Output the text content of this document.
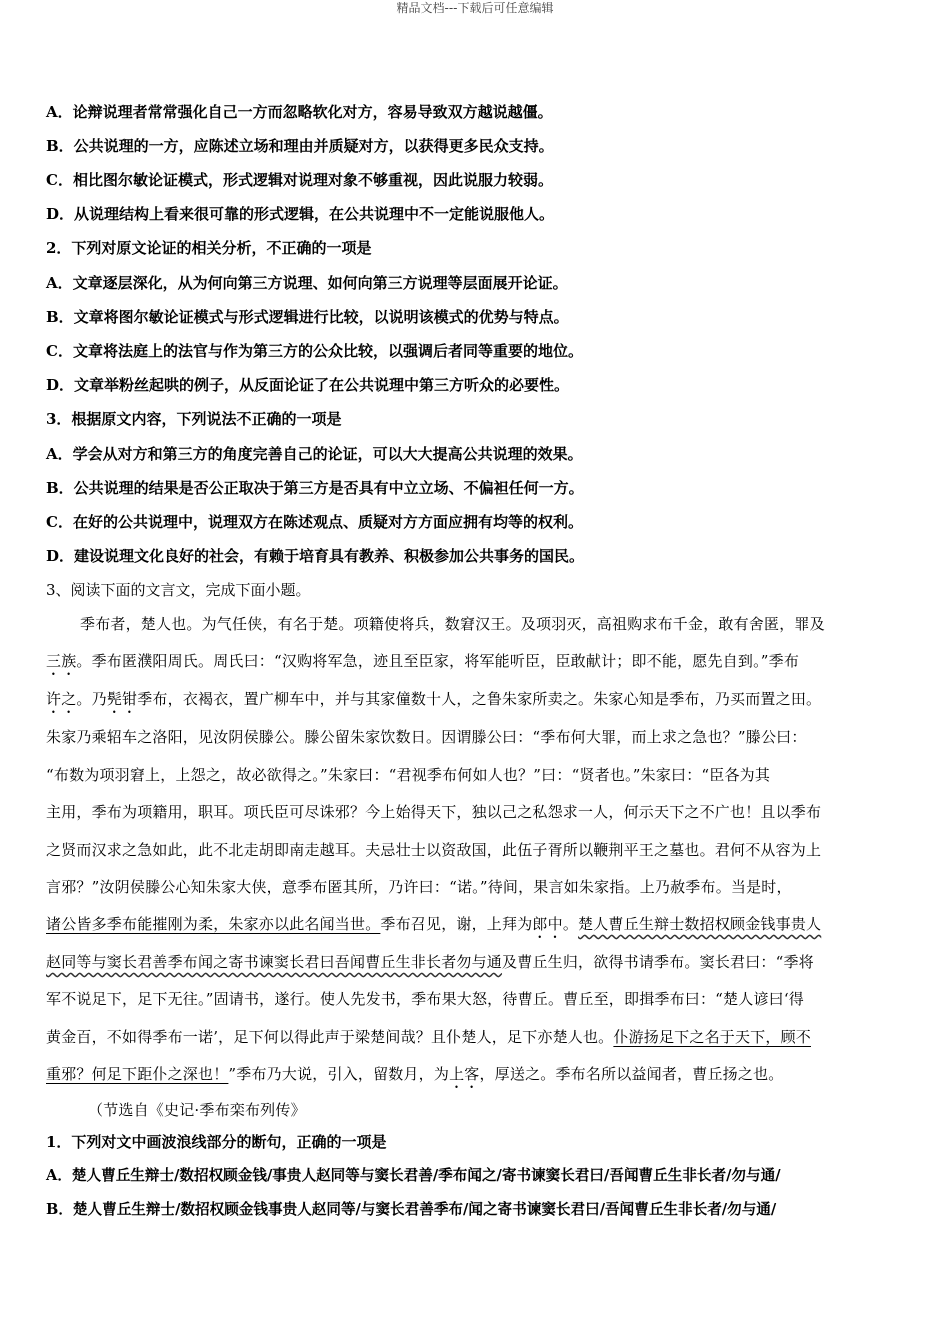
精品文档---下载后可任意编辑
A．论辩说理者常常强化自己一方而忽略软化对方，容易导致双方越说越僵。
B．公共说理的一方，应陈述立场和理由并质疑对方，以获得更多民众支持。
C．相比图尔敏论证模式，形式逻辑对说理对象不够重视，因此说服力较弱。
D．从说理结构上看来很可靠的形式逻辑，在公共说理中不一定能说服他人。
2．下列对原文论证的相关分析，不正确的一项是
A．文章逐层深化，从为何向第三方说理、如何向第三方说理等层面展开论证。
B．文章将图尔敏论证模式与形式逻辑进行比较，以说明该模式的优势与特点。
C．文章将法庭上的法官与作为第三方的公众比较，以强调后者同等重要的地位。
D．文章举粉丝起哄的例子，从反面论证了在公共说理中第三方听众的必要性。
3．根据原文内容，下列说法不正确的一项是
A．学会从对方和第三方的角度完善自己的论证，可以大大提高公共说理的效果。
B．公共说理的结果是否公正取决于第三方是否具有中立立场、不偏袒任何一方。
C．在好的公共说理中，说理双方在陈述观点、质疑对方方面应拥有均等的权利。
D．建设说理文化良好的社会，有赖于培育具有教养、积极参加公共事务的国民。
3、阅读下面的文言文，完成下面小题。
季布者，楚人也。为气任侠，有名于楚。项籍使将兵，数窘汉王。及项羽灭，高祖购求布千金，敢有舍匿，罪及
三族。季布匿濮阳周氏。周氏曰：“汉购将军急，迹且至臣家，将军能听臣，臣敢献计；即不能，愿先自到。”季布
许之。乃髡钳季布，衣褐衣，置广柳车中，并与其家僮数十人，之鲁朱家所卖之。朱家心知是季布，乃买而置之田。
朱家乃乘轺车之洛阳，见汝阴侯滕公。滕公留朱家饮数日。因谓滕公曰：“季布何大罪，而上求之急也？”滕公曰：
“布数为项羽窘上，上怨之，故必欲得之。”朱家曰：“君视季布何如人也？”曰：“贤者也。”朱家曰：“臣各为其
主用，季布为项籍用，职耳。项氏臣可尽诛邪？今上始得天下，独以己之私怨求一人，何示天下之不广也！且以季布
之贤而汉求之急如此，此不北走胡即南走越耳。夫忌壮士以资敌国，此伍子胥所以鞭荆平王之墓也。君何不从容为上
言邪？”汝阴侯滕公心知朱家大侠，意季布匿其所，乃许曰：“诺。”待间，果言如朱家指。上乃赦季布。当是时，
诸公皆多季布能摧刚为柔，朱家亦以此名闻当世。季布召见，谢，上拜为郎中。楚人曹丘生辩士数招权顾金钱事贵人
赵同等与窦长君善季布闻之寄书谏窦长君曰吾闻曹丘生非长者勿与通及曹丘生归，欲得书请季布。窦长君曰：“季将
军不说足下，足下无往。”固请书，遂行。使人先发书，季布果大怒，待曹丘。曹丘至，即揖季布曰：“楚人谚曰‘得
黄金百，不如得季布一诺’，足下何以得此声于梁楚间哉？且仆楚人，足下亦楚人也。仆游扬足下之名于天下，顾不
重邪？何足下距仆之深也！”季布乃大说，引入，留数月，为上客，厚送之。季布名所以益闻者，曹丘扬之也。
（节选自《史记·季布栾布列传》
1．下列对文中画波浪线部分的断句，正确的一项是
A．楚人曹丘生辩士/数招权顾金钱/事贵人赵同等与窦长君善/季布闻之/寄书谏窦长君曰/吾闻曹丘生非长者/勿与通/
B．楚人曹丘生辩士/数招权顾金钱事贵人赵同等/与窦长君善季布/闻之寄书谏窦长君曰/吾闻曹丘生非长者/勿与通/
